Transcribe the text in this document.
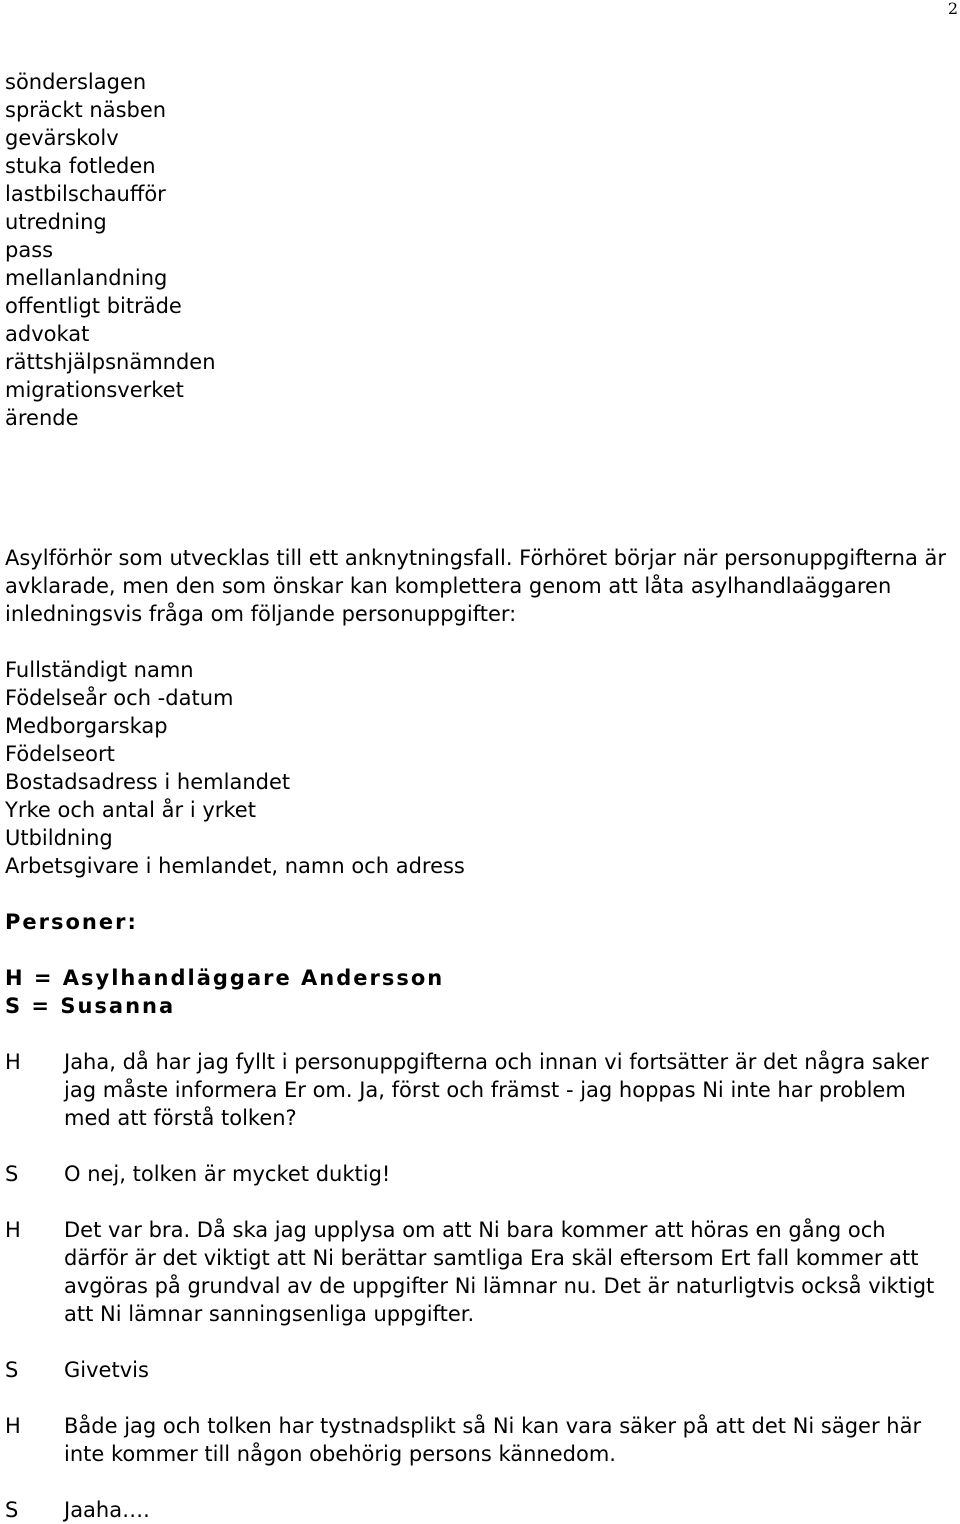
2
sönderslagen
spräckt näsben
gevärskolv
stuka fotleden
lastbilschaufför
utredning
pass
mellanlandning
offentligt biträde
advokat
rättshjälpsnämnden
migrationsverket
ärende

Asylförhör som utvecklas till ett anknytningsfall. Förhöret börjar när personuppgifterna är avklarade, men den som önskar kan komplettera genom att låta asylhandlaäggaren inledningsvis fråga om följande personuppgifter:

Fullständigt namn
Födelseår och -datum
Medborgarskap
Födelseort
Bostadsadress i hemlandet
Yrke och antal år i yrket
Utbildning
Arbetsgivare i hemlandet, namn och adress
Personer:
H = Asylhandläggare Andersson
S = Susanna
H	Jaha, då har jag fyllt i personuppgifterna och innan vi fortsätter är det några saker jag måste informera Er om. Ja, först och främst - jag hoppas Ni inte har problem med att förstå tolken?

S	O nej, tolken är mycket duktig!

H	Det var bra. Då ska jag upplysa om att Ni bara kommer att höras en gång och därför är det viktigt att Ni berättar samtliga Era skäl eftersom Ert fall kommer att avgöras på grundval av de uppgifter Ni lämnar nu. Det är naturligtvis också viktigt att Ni lämnar sanningsenliga uppgifter.

S	Givetvis

H	Både jag och tolken har tystnadsplikt så Ni kan vara säker på att det Ni säger här inte kommer till någon obehörig persons kännedom.

S	Jaaha….
